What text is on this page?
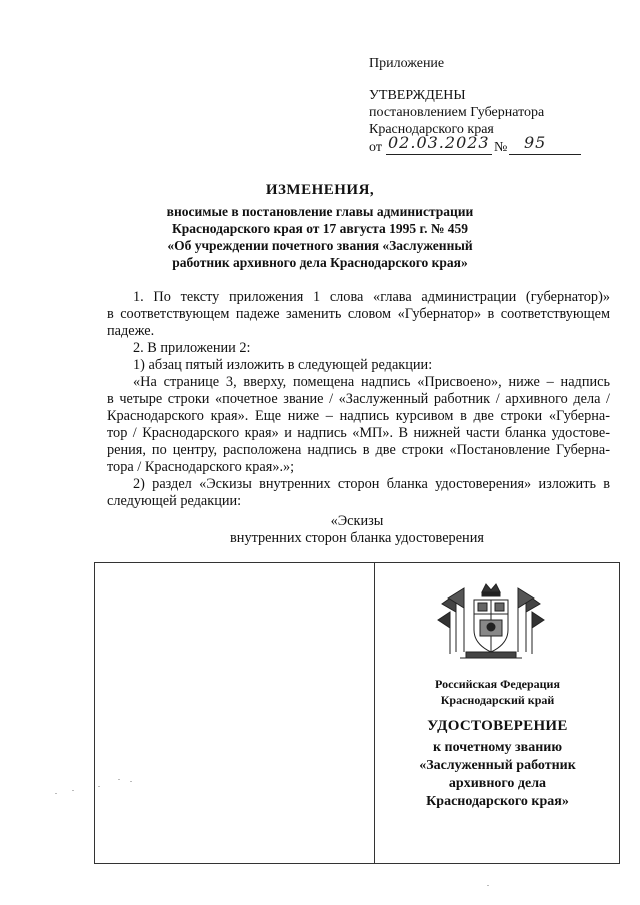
Приложение
УТВЕРЖДЕНЫ
постановлением Губернатора
Краснодарского края
от 02.03.2023 № 95
ИЗМЕНЕНИЯ,
вносимые в постановление главы администрации
Краснодарского края от 17 августа 1995 г. № 459
«Об учреждении почетного звания «Заслуженный
работник архивного дела Краснодарского края»
1. По тексту приложения 1 слова «глава администрации (губернатор)»
в соответствующем падеже заменить словом «Губернатор» в соответствующем
падеже.
2. В приложении 2:
1) абзац пятый изложить в следующей редакции:
«На странице 3, вверху, помещена надпись «Присвоено», ниже – надпись
в четыре строки «почетное звание / «Заслуженный работник / архивного дела /
Краснодарского края». Еще ниже – надпись курсивом в две строки «Губерна-
тор / Краснодарского края» и надпись «МП». В нижней части бланка удостове-
рения, по центру, расположена надпись в две строки «Постановление Губерна-
тора / Краснодарского края».»;
2) раздел «Эскизы внутренних сторон бланка удостоверения» изложить в
следующей редакции:
«Эскизы
внутренних сторон бланка удостоверения
Российская Федерация
Краснодарский край
УДОСТОВЕРЕНИЕ
к почетному званию
«Заслуженный работник
архивного дела
Краснодарского края»
